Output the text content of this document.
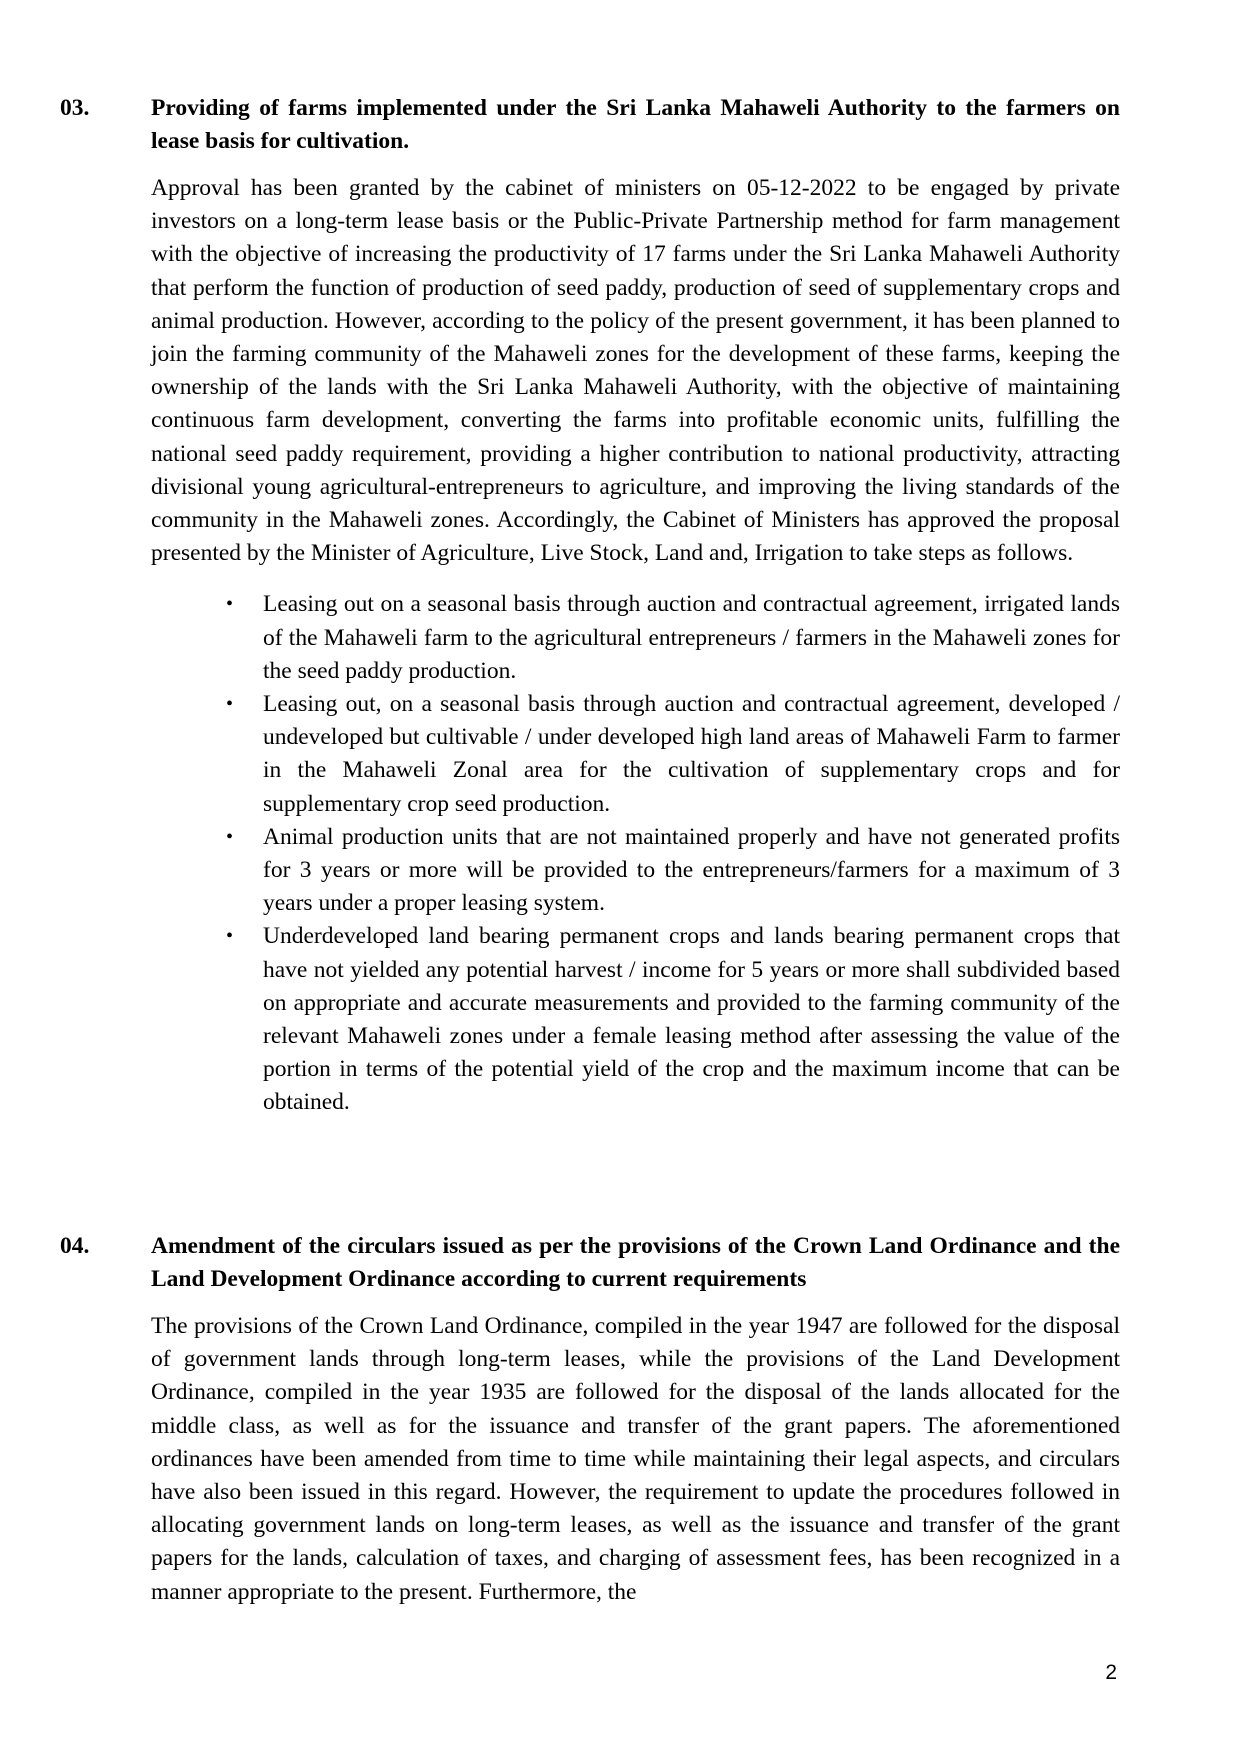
03.	Providing of farms implemented under the Sri Lanka Mahaweli Authority to the farmers on lease basis for cultivation.
Approval has been granted by the cabinet of ministers on 05-12-2022 to be engaged by private investors on a long-term lease basis or the Public-Private Partnership method for farm management with the objective of increasing the productivity of 17 farms under the Sri Lanka Mahaweli Authority that perform the function of production of seed paddy, production of seed of supplementary crops and animal production. However, according to the policy of the present government, it has been planned to join the farming community of the Mahaweli zones for the development of these farms, keeping the ownership of the lands with the Sri Lanka Mahaweli Authority, with the objective of maintaining continuous farm development, converting the farms into profitable economic units, fulfilling the national seed paddy requirement, providing a higher contribution to national productivity, attracting divisional young agricultural-entrepreneurs to agriculture, and improving the living standards of the community in the Mahaweli zones. Accordingly, the Cabinet of Ministers has approved the proposal presented by the Minister of Agriculture, Live Stock, Land and, Irrigation to take steps as follows.
• Leasing out on a seasonal basis through auction and contractual agreement, irrigated lands of the Mahaweli farm to the agricultural entrepreneurs / farmers in the Mahaweli zones for the seed paddy production.
• Leasing out, on a seasonal basis through auction and contractual agreement, developed / undeveloped but cultivable / under developed high land areas of Mahaweli Farm to farmer in the Mahaweli Zonal area for the cultivation of supplementary crops and for supplementary crop seed production.
• Animal production units that are not maintained properly and have not generated profits for 3 years or more will be provided to the entrepreneurs/farmers for a maximum of 3 years under a proper leasing system.
• Underdeveloped land bearing permanent crops and lands bearing permanent crops that have not yielded any potential harvest / income for 5 years or more shall subdivided based on appropriate and accurate measurements and provided to the farming community of the relevant Mahaweli zones under a female leasing method after assessing the value of the portion in terms of the potential yield of the crop and the maximum income that can be obtained.
04.	Amendment of the circulars issued as per the provisions of the Crown Land Ordinance and the Land Development Ordinance according to current requirements
The provisions of the Crown Land Ordinance, compiled in the year 1947 are followed for the disposal of government lands through long-term leases, while the provisions of the Land Development Ordinance, compiled in the year 1935 are followed for the disposal of the lands allocated for the middle class, as well as for the issuance and transfer of the grant papers. The aforementioned ordinances have been amended from time to time while maintaining their legal aspects, and circulars have also been issued in this regard. However, the requirement to update the procedures followed in allocating government lands on long-term leases, as well as the issuance and transfer of the grant papers for the lands, calculation of taxes, and charging of assessment fees, has been recognized in a manner appropriate to the present. Furthermore, the
2
